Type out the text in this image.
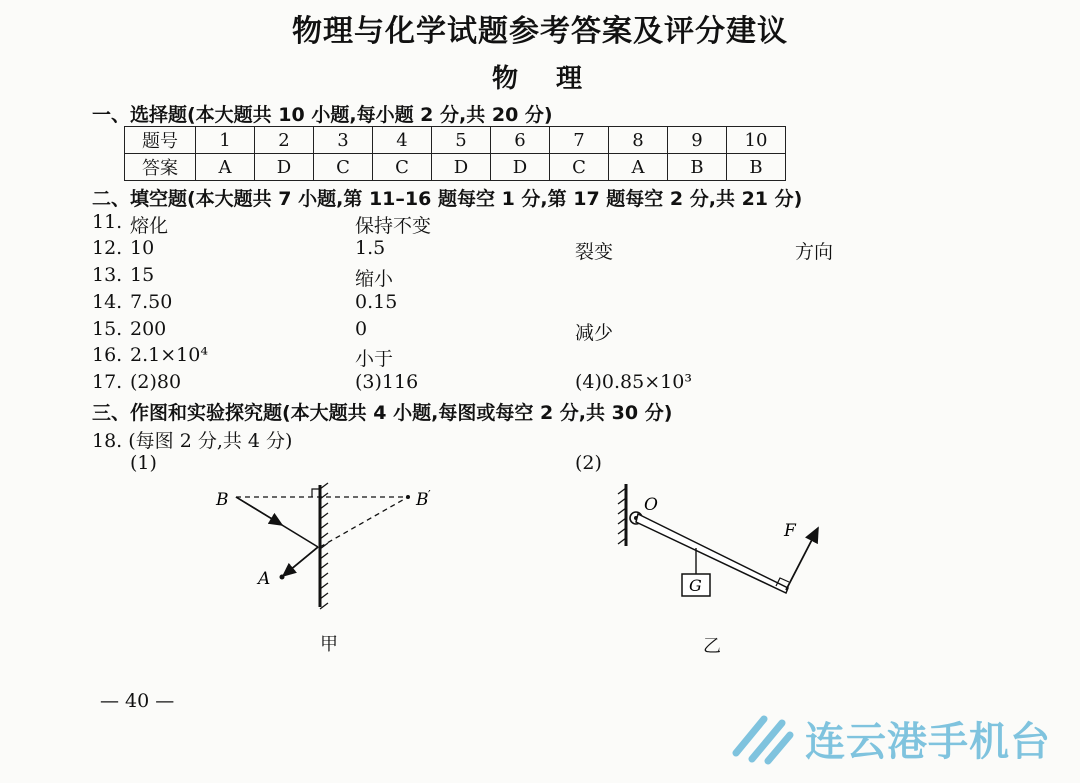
物理与化学试题参考答案及评分建议
物　理
一、选择题(本大题共 10 小题,每小题 2 分,共 20 分)
题号	1	2	3	4	5	6	7	8	9	10
答案	A	D	C	C	D	D	C	A	B	B
二、填空题(本大题共 7 小题,第 11–16 题每空 1 分,第 17 题每空 2 分,共 21 分)
11. 熔化	保持不变
12. 10	1.5	裂变	方向
13. 15	缩小
14. 7.50	0.15
15. 200	0	减少
16. 2.1×10⁴	小于
17. (2)80	(3)116	(4)0.85×10³
三、作图和实验探究题(本大题共 4 小题,每图或每空 2 分,共 30 分)
18. (每图 2 分,共 4 分)
(1)	(2)
B	B ′
A
甲
O
F
G
乙
— 40 —
连云港手机台
